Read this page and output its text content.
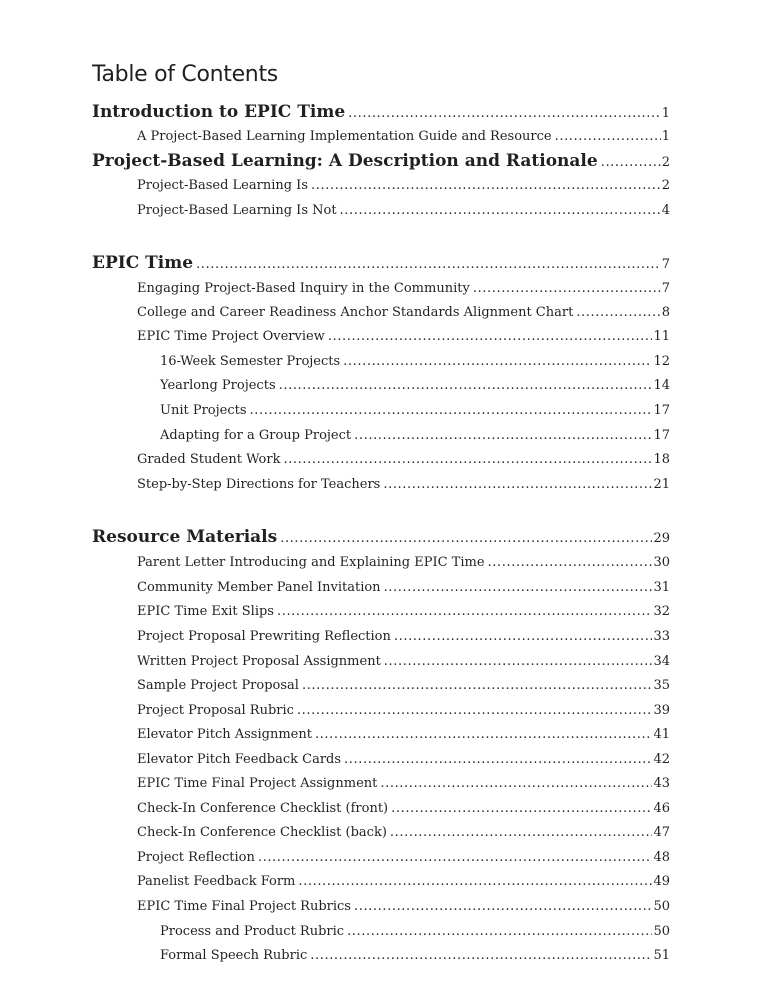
Table of Contents
Introduction to EPIC Time .....	1
A Project-Based Learning Implementation Guide and Resource .....	1
Project-Based Learning: A Description and Rationale .....	2
Project-Based Learning Is .....	2
Project-Based Learning Is Not .....	4
EPIC Time .....	7
Engaging Project-Based Inquiry in the Community .....	7
College and Career Readiness Anchor Standards Alignment Chart .....	8
EPIC Time Project Overview .....	11
16-Week Semester Projects .....	12
Yearlong Projects .....	14
Unit Projects .....	17
Adapting for a Group Project .....	17
Graded Student Work .....	18
Step-by-Step Directions for Teachers .....	21
Resource Materials .....	29
Parent Letter Introducing and Explaining EPIC Time .....	30
Community Member Panel Invitation .....	31
EPIC Time Exit Slips .....	32
Project Proposal Prewriting Reflection .....	33
Written Project Proposal Assignment .....	34
Sample Project Proposal .....	35
Project Proposal Rubric .....	39
Elevator Pitch Assignment .....	41
Elevator Pitch Feedback Cards .....	42
EPIC Time Final Project Assignment .....	43
Check-In Conference Checklist (front) .....	46
Check-In Conference Checklist (back) .....	47
Project Reflection .....	48
Panelist Feedback Form .....	49
EPIC Time Final Project Rubrics .....	50
Process and Product Rubric .....	50
Formal Speech Rubric .....	51
